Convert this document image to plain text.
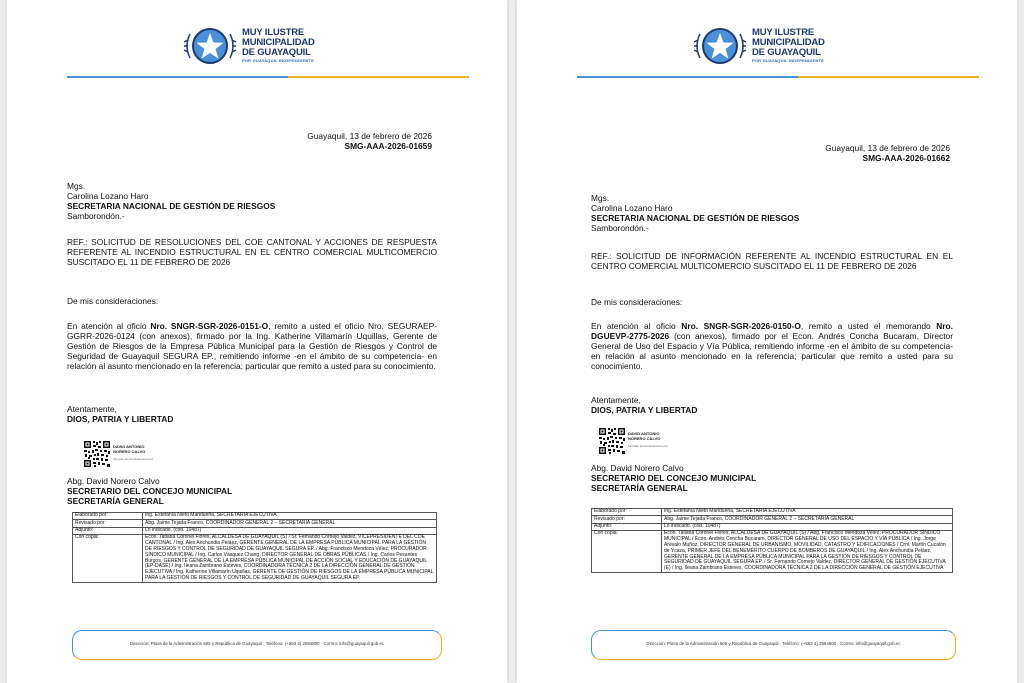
MUY ILUSTRE
MUNICIPALIDAD
DE GUAYAQUIL
POR GUAYAQUIL INDEPENDIENTE
Guayaquil, 13 de febrero de 2026
SMG-AAA-2026-01659
Mgs.
Carolina Lozano Haro
SECRETARIA NACIONAL DE GESTIÓN DE RIESGOS
Samborondón.-
REF.: SOLICITUD DE RESOLUCIONES DEL COE CANTONAL Y ACCIONES DE RESPUESTA REFERENTE AL INCENDIO ESTRUCTURAL EN EL CENTRO COMERCIAL MULTICOMERCIO SUSCITADO EL 11 DE FEBRERO DE 2026
De mis consideraciones:
En atención al oficio Nro. SNGR-SGR-2026-0151-O, remito a usted el oficio Nro. SEGURAEP-GGRR-2026-0124 (con anexos), firmado por la Ing. Katherine Villamarín Uquillas, Gerente de Gestión de Riesgos de la Empresa Pública Municipal para la Gestión de Riesgos y Control de Seguridad de Guayaquil SEGURA EP., remitiendo informe -en el ámbito de su competencia- en relación al asunto mencionado en la referencia; particular que remito a usted para su conocimiento.
Atentamente,
DIOS, PATRIA Y LIBERTAD
DAVID ANTONIO
NORERO CALVO
Firmado electrónicamente por
Abg. David Norero Calvo
SECRETARIO DEL CONCEJO MUNICIPAL
SECRETARÍA GENERAL
Elaborado por:	Ing. Estefanía Nieto Maridueña, SECRETARIA EJECUTIVA
Revisado por:	Abg. Jaime Tejada Franco, COORDINADOR GENERAL 2 – SECRETARÍA GENERAL
Adjunto:	Lo indicado. (cod. 10487)
Con copia:	Econ. Tatiana Coronel Flores, ALCALDESA DE GUAYAQUIL (S) / Sr. Fernando Cornejo Valdez, VICEPRESIDENTE DEL COE CANTONAL / Ing. Alex Anchundia Peláez, GERENTE GENERAL DE LA EMPRESA PÚBLICA MUNICIPAL PARA LA GESTIÓN DE RIESGOS Y CONTROL DE SEGURIDAD DE GUAYAQUIL SEGURA EP. / Abg. Francisco Mendoza Vélez, PROCURADOR SÍNDICO MUNICIPAL / Ing. Carlos Vásquez Chang, DIRECTOR GENERAL DE OBRAS PÚBLICAS / Ing. Carlos Pesantes Burgos, GERENTE GENERAL DE LA EMPRESA PÚBLICA MUNICIPAL DE ACCIÓN SOCIAL Y EDUCACIÓN DE GUAYAQUIL (EP-DASE) / Ing. Ileana Zambrano Esteves, COORDINADORA TÉCNICA 2 DE LA DIRECCIÓN GENERAL DE GESTIÓN EJECUTIVA / Ing. Katherine Villamarín Uquillas, GERENTE DE GESTIÓN DE RIESGOS DE LA EMPRESA PÚBLICA MUNICIPAL PARA LA GESTIÓN DE RIESGOS Y CONTROL DE SEGURIDAD DE GUAYAQUIL SEGURA EP.
Dirección: Plaza de la Administración 605 y República de Guayaquil · Teléfono: (+593 4) 2594800 · Correo: info@guayaquil.gob.ec
MUY ILUSTRE
MUNICIPALIDAD
DE GUAYAQUIL
POR GUAYAQUIL INDEPENDIENTE
Guayaquil, 13 de febrero de 2026
SMG-AAA-2026-01662
Mgs.
Carolina Lozano Haro
SECRETARIA NACIONAL DE GESTIÓN DE RIESGOS
Samborondón.-
REF.: SOLICITUD DE INFORMACIÓN REFERENTE AL INCENDIO ESTRUCTURAL EN EL CENTRO COMERCIAL MULTICOMERCIO SUSCITADO EL 11 DE FEBRERO DE 2026
De mis consideraciones:
En atención al oficio Nro. SNGR-SGR-2026-0150-O, remito a usted el memorando Nro. DGUEVP-2775-2026 (con anexos), firmado por el Econ. Andrés Concha Bucaram, Director General de Uso del Espacio y Vía Pública, remitiendo informe -en el ámbito de su competencia- en relación al asunto mencionado en la referencia; particular que remito a usted para su conocimiento.
Atentamente,
DIOS, PATRIA Y LIBERTAD
DAVID ANTONIO
NORERO CALVO
Firmado electrónicamente por
Abg. David Norero Calvo
SECRETARIO DEL CONCEJO MUNICIPAL
SECRETARÍA GENERAL
Elaborado por:	Ing. Estefanía Nieto Maridueña, SECRETARIA EJECUTIVA
Revisado por:	Abg. Jaime Tejada Franco, COORDINADOR GENERAL 2 – SECRETARÍA GENERAL
Adjunto:	Lo indicado. (cod. 10487)
Con copia:	Econ. Tatiana Coronel Flores, ALCALDESA DE GUAYAQUIL (S) / Abg. Francisco Mendoza Vélez, PROCURADOR SÍNDICO MUNICIPAL / Econ. Andrés Concha Bucaram, DIRECTOR GENERAL DE USO DEL ESPACIO Y VÍA PÚBLICA / Ing. Jorge Arévalo Muñoz, DIRECTOR GENERAL DE URBANISMO, MOVILIDAD, CATASTRO Y EDIFICACIONES / Crnl. Martín Cucalón de Ycaza, PRIMER JEFE DEL BENEMÉRITO CUERPO DE BOMBEROS DE GUAYAQUIL / Ing. Alex Anchundia Peláez, GERENTE GENERAL DE LA EMPRESA PÚBLICA MUNICIPAL PARA LA GESTIÓN DE RIESGOS Y CONTROL DE SEGURIDAD DE GUAYAQUIL SEGURA EP. / Sr. Fernando Cornejo Valdez, DIRECTOR GENERAL DE GESTIÓN EJECUTIVA (E) / Ing. Ileana Zambrano Esteves, COORDINADORA TÉCNICA 2 DE LA DIRECCIÓN GENERAL DE GESTIÓN EJECUTIVA
Dirección: Plaza de la Administración 605 y República de Guayaquil · Teléfono: (+593 4) 2594800 · Correo: info@guayaquil.gob.ec
